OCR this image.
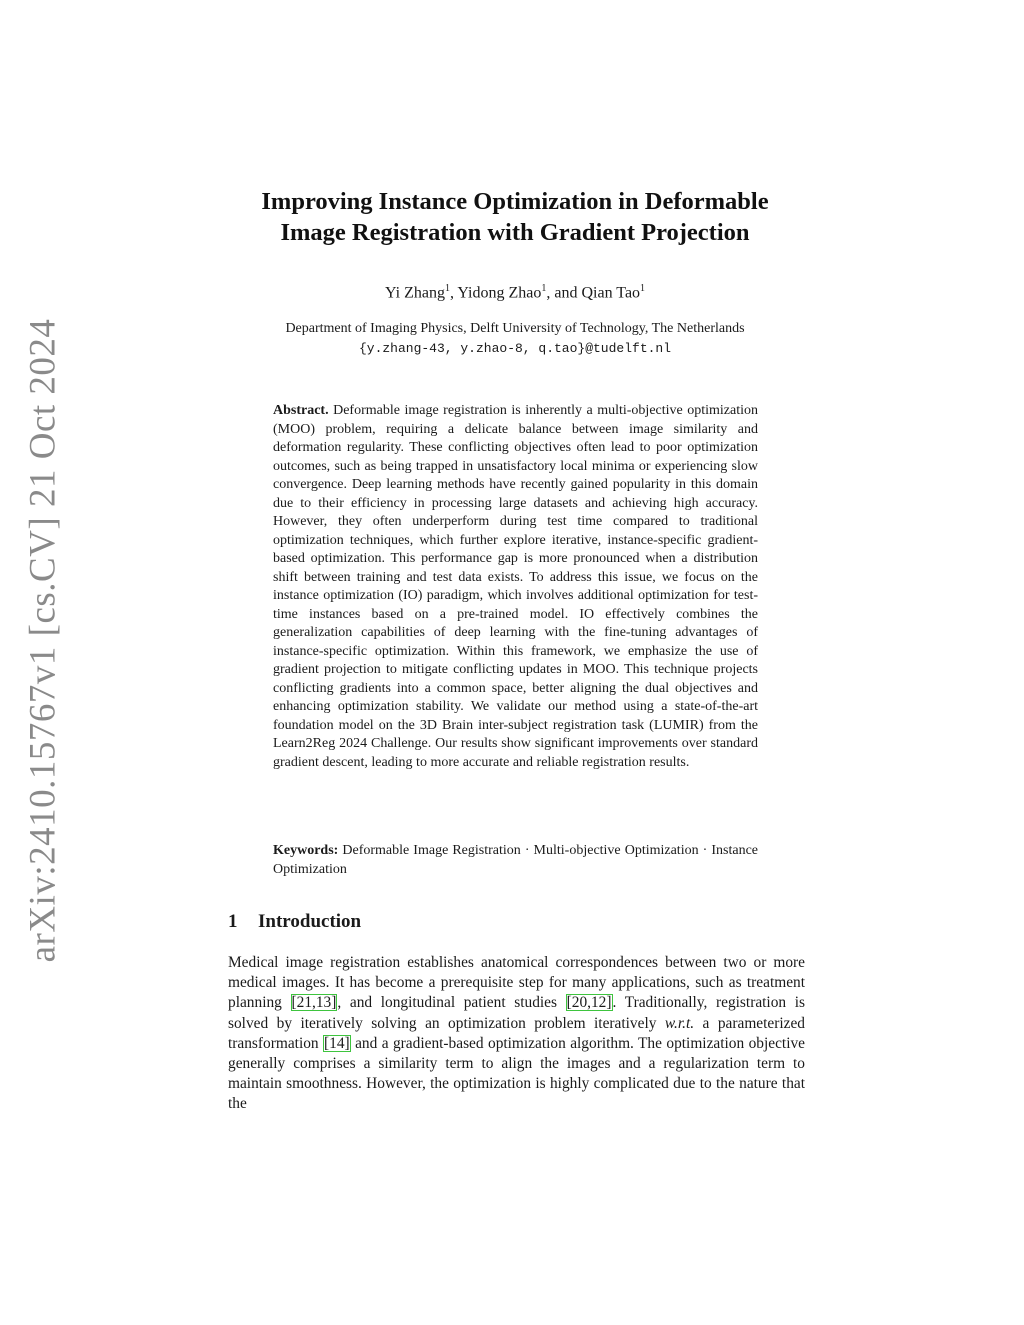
arXiv:2410.15767v1 [cs.CV] 21 Oct 2024
Improving Instance Optimization in Deformable
Image Registration with Gradient Projection
Yi Zhang$^1$, Yidong Zhao$^1$, and Qian Tao$^1$
Department of Imaging Physics, Delft University of Technology, The Netherlands
{y.zhang-43, y.zhao-8, q.tao}@tudelft.nl
Abstract. Deformable image registration is inherently a multi-objective optimization (MOO) problem, requiring a delicate balance between image similarity and deformation regularity. These conflicting objectives often lead to poor optimization outcomes, such as being trapped in unsatisfactory local minima or experiencing slow convergence. Deep learning methods have recently gained popularity in this domain due to their efficiency in processing large datasets and achieving high accuracy. However, they often underperform during test time compared to traditional optimization techniques, which further explore iterative, instance-specific gradient-based optimization. This performance gap is more pronounced when a distribution shift between training and test data exists. To address this issue, we focus on the instance optimization (IO) paradigm, which involves additional optimization for test-time instances based on a pre-trained model. IO effectively combines the generalization capabilities of deep learning with the fine-tuning advantages of instance-specific optimization. Within this framework, we emphasize the use of gradient projection to mitigate conflicting updates in MOO. This technique projects conflicting gradients into a common space, better aligning the dual objectives and enhancing optimization stability. We validate our method using a state-of-the-art foundation model on the 3D Brain inter-subject registration task (LUMIR) from the Learn2Reg 2024 Challenge. Our results show significant improvements over standard gradient descent, leading to more accurate and reliable registration results.
Keywords: Deformable Image Registration · Multi-objective Optimization · Instance Optimization
1 Introduction
Medical image registration establishes anatomical correspondences between two or more medical images. It has become a prerequisite step for many applications, such as treatment planning [21,13], and longitudinal patient studies [20,12]. Traditionally, registration is solved by iteratively solving an optimization problem iteratively w.r.t. a parameterized transformation [14] and a gradient-based optimization algorithm. The optimization objective generally comprises a similarity term to align the images and a regularization term to maintain smoothness. However, the optimization is highly complicated due to the nature that the
